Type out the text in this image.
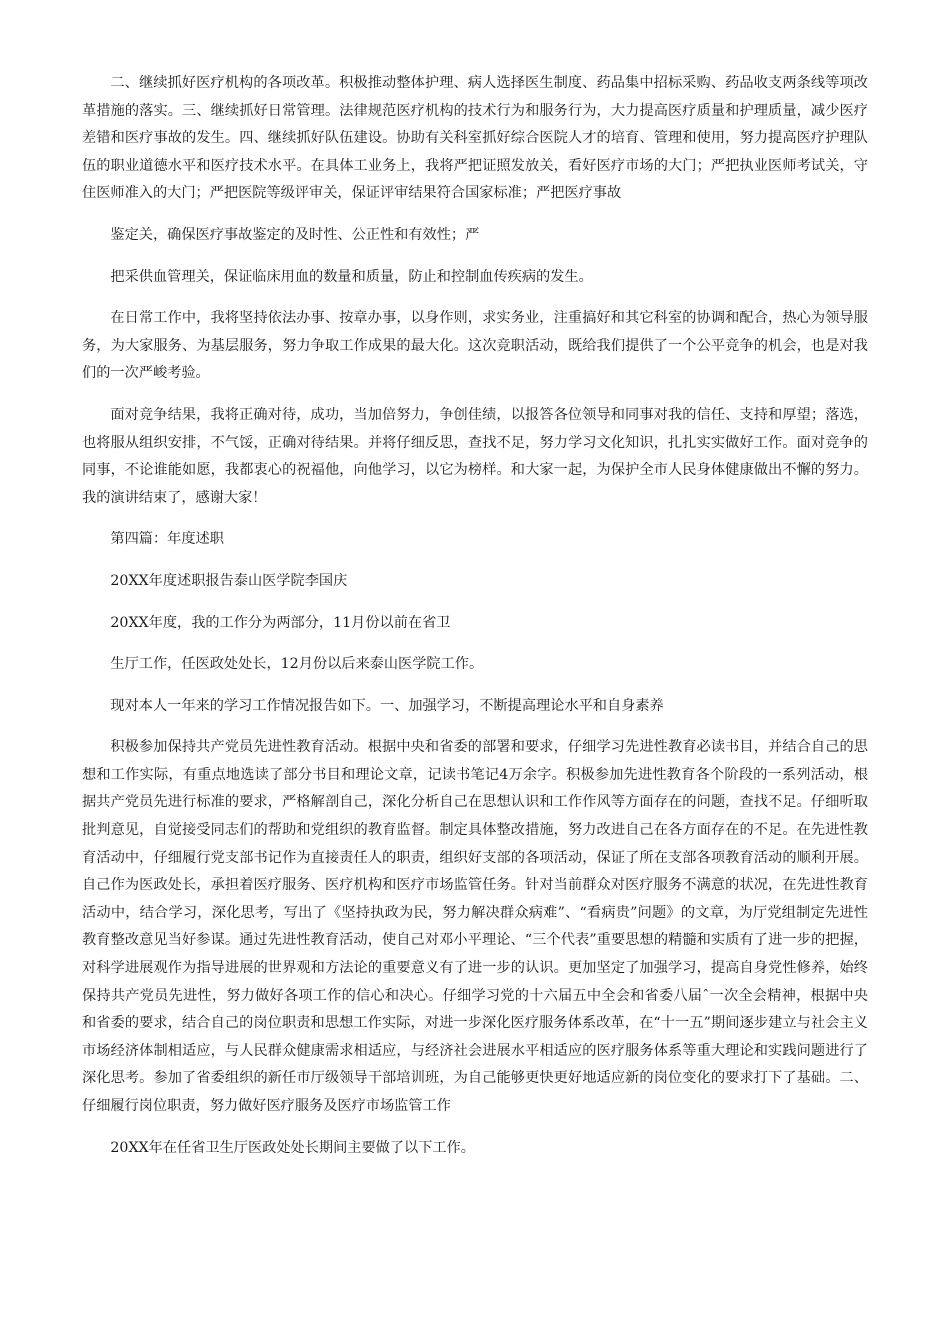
二、继续抓好医疗机构的各项改革。积极推动整体护理、病人选择医生制度、药品集中招标采购、药品收支两条线等项改革措施的落实。三、继续抓好日常管理。法律规范医疗机构的技术行为和服务行为，大力提高医疗质量和护理质量，减少医疗差错和医疗事故的发生。四、继续抓好队伍建设。协助有关科室抓好综合医院人才的培育、管理和使用，努力提高医疗护理队伍的职业道德水平和医疗技术水平。在具体工业务上，我将严把证照发放关，看好医疗市场的大门；严把执业医师考试关，守住医师准入的大门；严把医院等级评审关，保证评审结果符合国家标准；严把医疗事故

鉴定关，确保医疗事故鉴定的及时性、公正性和有效性；严

把采供血管理关，保证临床用血的数量和质量，防止和控制血传疾病的发生。

在日常工作中，我将坚持依法办事、按章办事，以身作则，求实务业，注重搞好和其它科室的协调和配合，热心为领导服务，为大家服务、为基层服务，努力争取工作成果的最大化。这次竞职活动，既给我们提供了一个公平竞争的机会，也是对我们的一次严峻考验。

面对竞争结果，我将正确对待，成功，当加倍努力，争创佳绩，以报答各位领导和同事对我的信任、支持和厚望；落选，也将服从组织安排，不气馁，正确对待结果。并将仔细反思，查找不足，努力学习文化知识，扎扎实实做好工作。面对竞争的同事，不论谁能如愿，我都衷心的祝福他，向他学习，以它为榜样。和大家一起，为保护全市人民身体健康做出不懈的努力。我的演讲结束了，感谢大家！

第四篇：年度述职

20XX年度述职报告泰山医学院李国庆

20XX年度，我的工作分为两部分，11月份以前在省卫

生厅工作，任医政处处长，12月份以后来泰山医学院工作。

现对本人一年来的学习工作情况报告如下。一、加强学习，不断提高理论水平和自身素养

积极参加保持共产党员先进性教育活动。根据中央和省委的部署和要求，仔细学习先进性教育必读书目，并结合自己的思想和工作实际，有重点地选读了部分书目和理论文章，记读书笔记4万余字。积极参加先进性教育各个阶段的一系列活动，根据共产党员先进行标准的要求，严格解剖自己，深化分析自己在思想认识和工作作风等方面存在的问题，查找不足。仔细听取批判意见，自觉接受同志们的帮助和党组织的教育监督。制定具体整改措施，努力改进自己在各方面存在的不足。在先进性教育活动中，仔细履行党支部书记作为直接责任人的职责，组织好支部的各项活动，保证了所在支部各项教育活动的顺利开展。自己作为医政处长，承担着医疗服务、医疗机构和医疗市场监管任务。针对当前群众对医疗服务不满意的状况，在先进性教育活动中，结合学习，深化思考，写出了《坚持执政为民，努力解决群众病难”、“看病贵”问题》的文章，为厅党组制定先进性教育整改意见当好参谋。通过先进性教育活动，使自己对邓小平理论、“三个代表”重要思想的精髓和实质有了进一步的把握，对科学进展观作为指导进展的世界观和方法论的重要意义有了进一步的认识。更加坚定了加强学习，提高自身党性修养，始终保持共产党员先进性，努力做好各项工作的信心和决心。仔细学习党的十六届五中全会和省委八届ˆ一次全会精神，根据中央和省委的要求，结合自己的岗位职责和思想工作实际，对进一步深化医疗服务体系改革，在“十一五”期间逐步建立与社会主义市场经济体制相适应，与人民群众健康需求相适应，与经济社会进展水平相适应的医疗服务体系等重大理论和实践问题进行了深化思考。参加了省委组织的新任市厅级领导干部培训班，为自己能够更快更好地适应新的岗位变化的要求打下了基础。二、仔细履行岗位职责，努力做好医疗服务及医疗市场监管工作

20XX年在任省卫生厅医政处处长期间主要做了以下工作。
